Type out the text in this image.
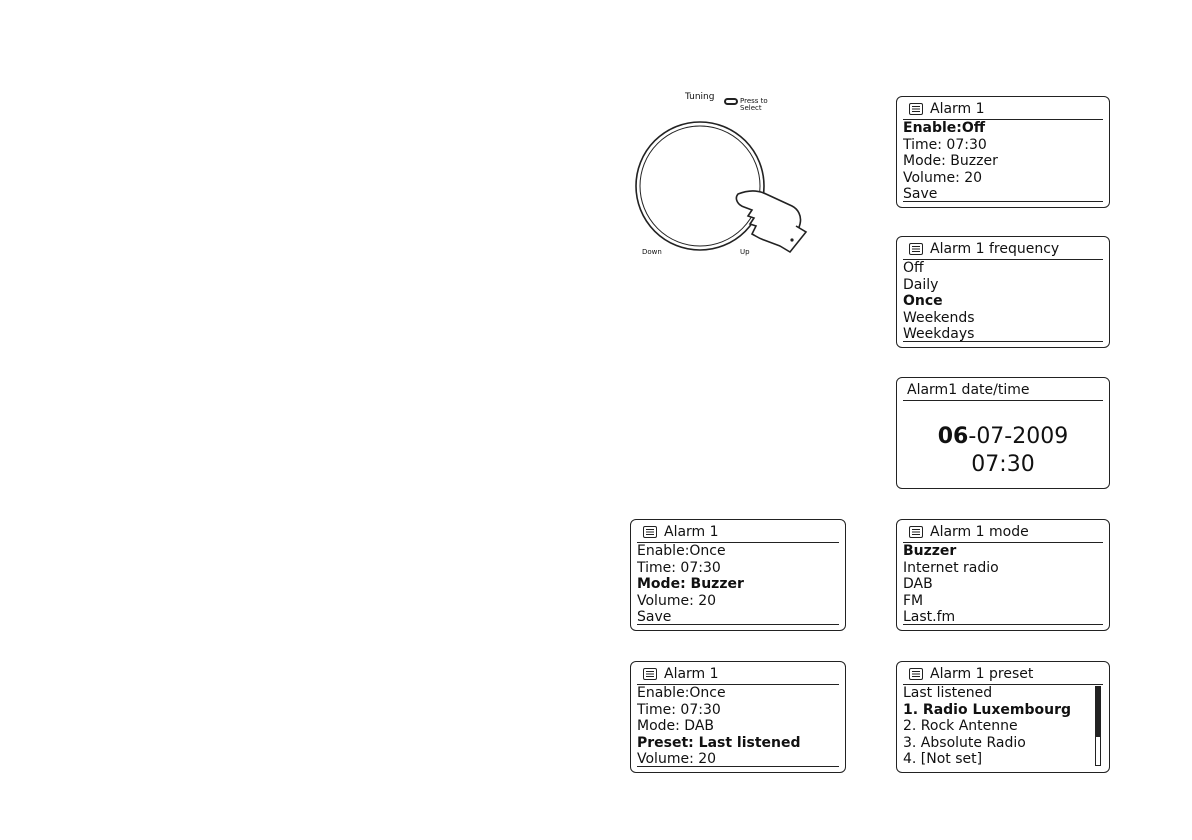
Tuning	Press to
Select
Down	Up
Alarm 1
Enable:Off
Time: 07:30
Mode: Buzzer
Volume: 20
Save
Alarm 1 frequency
Off
Daily
Once
Weekends
Weekdays
Alarm1 date/time
06-07-2009
07:30
Alarm 1
Enable:Once
Time: 07:30
Mode: Buzzer
Volume: 20
Save
Alarm 1 mode
Buzzer
Internet radio
DAB
FM
Last.fm
Alarm 1
Enable:Once
Time: 07:30
Mode: DAB
Preset: Last listened
Volume: 20
Alarm 1 preset
Last listened
1. Radio Luxembourg
2. Rock Antenne
3. Absolute Radio
4. [Not set]
